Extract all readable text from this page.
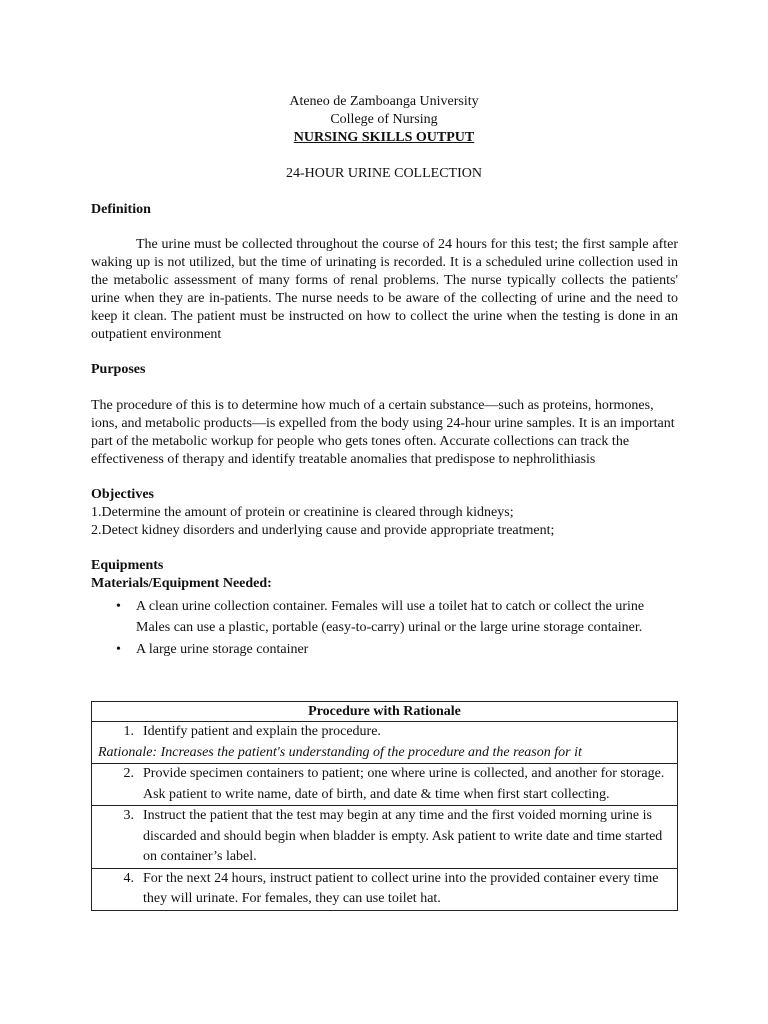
Ateneo de Zamboanga University
College of Nursing
NURSING SKILLS OUTPUT
24-HOUR URINE COLLECTION
Definition
The urine must be collected throughout the course of 24 hours for this test; the first sample after waking up is not utilized, but the time of urinating is recorded. It is a scheduled urine collection used in the metabolic assessment of many forms of renal problems. The nurse typically collects the patients' urine when they are in-patients. The nurse needs to be aware of the collecting of urine and the need to keep it clean. The patient must be instructed on how to collect the urine when the testing is done in an outpatient environment
Purposes
The procedure of this is to determine how much of a certain substance—such as proteins, hormones, ions, and metabolic products—is expelled from the body using 24-hour urine samples. It is an important part of the metabolic workup for people who gets tones often. Accurate collections can track the effectiveness of therapy and identify treatable anomalies that predispose to nephrolithiasis
Objectives
1.Determine the amount of protein or creatinine is cleared through kidneys;
2.Detect kidney disorders and underlying cause and provide appropriate treatment;
Equipments
Materials/Equipment Needed:
• A clean urine collection container. Females will use a toilet hat to catch or collect the urine Males can use a plastic, portable (easy-to-carry) urinal or the large urine storage container.
• A large urine storage container
Procedure with Rationale

1. Identify patient and explain the procedure.
Rationale: Increases the patient's understanding of the procedure and the reason for it

2. Provide specimen containers to patient; one where urine is collected, and another for storage. Ask patient to write name, date of birth, and date & time when first start collecting.

3. Instruct the patient that the test may begin at any time and the first voided morning urine is discarded and should begin when bladder is empty. Ask patient to write date and time started on container’s label.

4. For the next 24 hours, instruct patient to collect urine into the provided container every time they will urinate. For females, they can use toilet hat.
